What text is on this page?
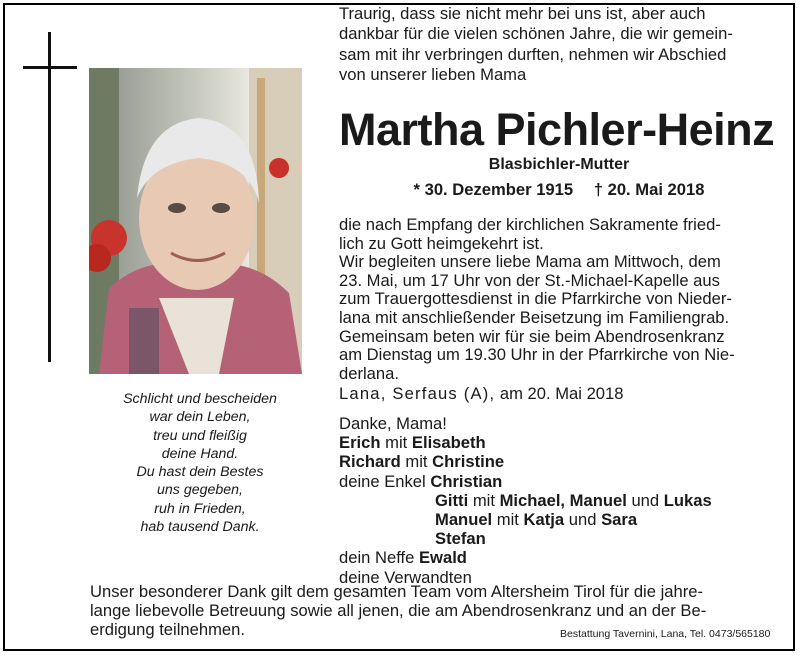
Schlicht und bescheiden
war dein Leben,
treu und fleißig
deine Hand.
Du hast dein Bestes
uns gegeben,
ruh in Frieden,
hab tausend Dank.
Traurig, dass sie nicht mehr bei uns ist, aber auch
dankbar für die vielen schönen Jahre, die wir gemein-
sam mit ihr verbringen durften, nehmen wir Abschied
von unserer lieben Mama
Martha Pichler-Heinz
Blasbichler-Mutter
* 30. Dezember 1915 † 20. Mai 2018
die nach Empfang der kirchlichen Sakramente fried-
lich zu Gott heimgekehrt ist.
Wir begleiten unsere liebe Mama am Mittwoch, dem
23. Mai, um 17 Uhr von der St.-Michael-Kapelle aus
zum Trauergottesdienst in die Pfarrkirche von Nieder-
lana mit anschließender Beisetzung im Familiengrab.
Gemeinsam beten wir für sie beim Abendrosenkranz
am Dienstag um 19.30 Uhr in der Pfarrkirche von Nie-
derlana.
Lana, Serfaus (A), am 20. Mai 2018
Danke, Mama!
Erich mit Elisabeth
Richard mit Christine
deine Enkel Christian
Gitti mit Michael, Manuel und Lukas
Manuel mit Katja und Sara
Stefan
dein Neffe Ewald
deine Verwandten
Unser besonderer Dank gilt dem gesamten Team vom Altersheim Tirol für die jahre-
lange liebevolle Betreuung sowie all jenen, die am Abendrosenkranz und an der Be-
erdigung teilnehmen.	Bestattung Tavernini, Lana, Tel. 0473/565180
